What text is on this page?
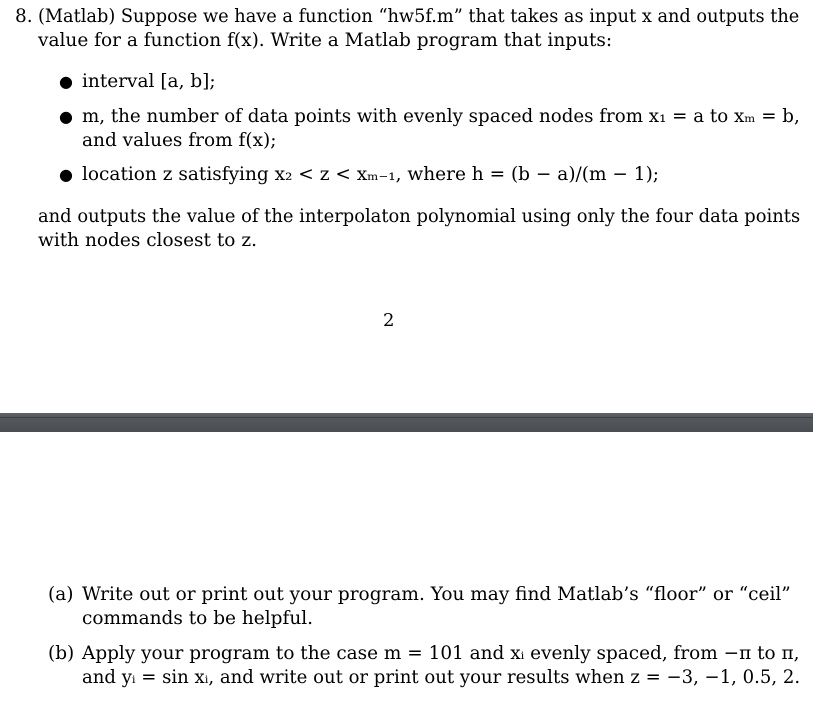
8. (Matlab) Suppose we have a function “hw5f.m” that takes as input x and outputs the
value for a function f(x). Write a Matlab program that inputs:
● interval [a, b];
● m, the number of data points with evenly spaced nodes from x₁ = a to xₘ = b,
and values from f(x);
● location z satisfying x₂ < z < xₘ₋₁, where h = (b − a)/(m − 1);
and outputs the value of the interpolaton polynomial using only the four data points
with nodes closest to z.
2
(a) Write out or print out your program. You may find Matlab’s “floor” or “ceil”
commands to be helpful.
(b) Apply your program to the case m = 101 and xᵢ evenly spaced, from −π to π,
and yᵢ = sin xᵢ, and write out or print out your results when z = −3, −1, 0.5, 2.
